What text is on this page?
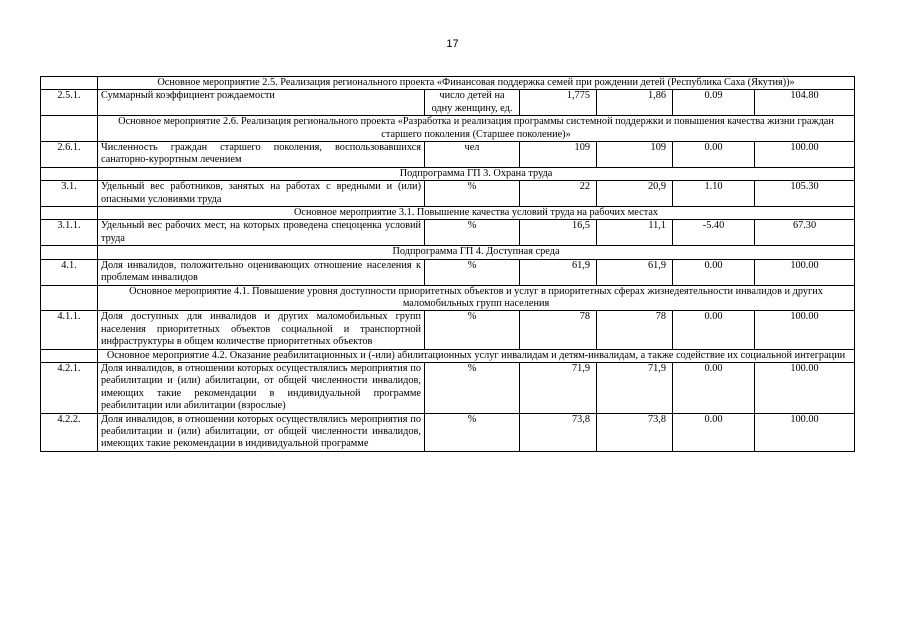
17
	Основное мероприятие 2.5. Реализация регионального проекта «Финансовая поддержка семей при рождении детей (Республика Саха (Якутия))»					
2.5.1.	Суммарный коэффициент рождаемости	число детей на одну женщину, ед.	1,775	1,86	0.09	104.80
	Основное мероприятие 2.6. Реализация регионального проекта «Разработка и реализация программы системной поддержки и повышения качества жизни граждан старшего поколения (Старшее поколение)»					
2.6.1.	Численность граждан старшего поколения, воспользовавшихся санаторно-курортным лечением	чел	109	109	0.00	100.00
	Подпрограмма ГП 3. Охрана труда					
3.1.	Удельный вес работников, занятых на работах с вредными и (или) опасными условиями труда	%	22	20,9	1.10	105.30
	Основное мероприятие 3.1. Повышение качества условий труда на рабочих местах					
3.1.1.	Удельный вес рабочих мест, на которых проведена спецоценка условий труда	%	16,5	11,1	-5.40	67.30
	Подпрограмма ГП 4. Доступная среда					
4.1.	Доля инвалидов, положительно оценивающих отношение населения к проблемам инвалидов	%	61,9	61,9	0.00	100.00
	Основное мероприятие 4.1. Повышение уровня доступности приоритетных объектов и услуг в приоритетных сферах жизнедеятельности инвалидов и других маломобильных групп населения					
4.1.1.	Доля доступных для инвалидов и других маломобильных групп населения приоритетных объектов социальной и транспортной инфраструктуры в общем количестве приоритетных объектов	%	78	78	0.00	100.00
	Основное мероприятие 4.2. Оказание реабилитационных и (-или) абилитационных услуг инвалидам и детям-инвалидам, а также содействие их социальной интеграции					
4.2.1.	Доля инвалидов, в отношении которых осуществлялись мероприятия по реабилитации и (или) абилитации, от общей численности инвалидов, имеющих такие рекомендации в индивидуальной программе реабилитации или абилитации (взрослые)	%	71,9	71,9	0.00	100.00
4.2.2.	Доля инвалидов, в отношении которых осуществлялись мероприятия по реабилитации и (или) абилитации, от общей численности инвалидов, имеющих такие рекомендации в индивидуальной программе	%	73,8	73,8	0.00	100.00
